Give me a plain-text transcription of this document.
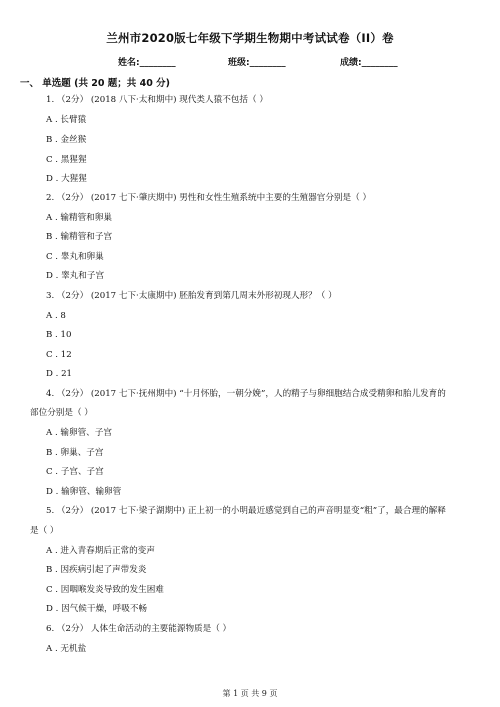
兰州市2020版七年级下学期生物期中考试试卷（II）卷
姓名:________	班级:________	成绩:________
一、 单选题 (共 20 题；共 40 分)
1. （2分） (2018 八下·太和期中) 现代类人猿不包括（ ）
A . 长臂猿
B . 金丝猴
C . 黑猩猩
D . 大猩猩
2. （2分） (2017 七下·肇庆期中) 男性和女性生殖系统中主要的生殖器官分别是（ ）
A . 输精管和卵巢
B . 输精管和子宫
C . 睾丸和卵巢
D . 睾丸和子宫
3. （2分） (2017 七下·太康期中) 胚胎发育到第几周末外形初现人形？（ ）
A . 8
B . 10
C . 12
D . 21
4. （2分） (2017 七下·抚州期中) “十月怀胎，一朝分娩”，人的精子与卵细胞结合成受精卵和胎儿发育的
部位分别是（ ）
A . 输卵管、子宫
B . 卵巢、子宫
C . 子宫、子宫
D . 输卵管、输卵管
5. （2分） (2017 七下·梁子湖期中) 正上初一的小明最近感觉到自己的声音明显变“粗”了，最合理的解释
是（ ）
A . 进入青春期后正常的变声
B . 因疾病引起了声带发炎
C . 因咽喉发炎导致的发生困难
D . 因气候干燥，呼吸不畅
6. （2分） 人体生命活动的主要能源物质是（ ）
A . 无机盐
第 1 页 共 9 页
